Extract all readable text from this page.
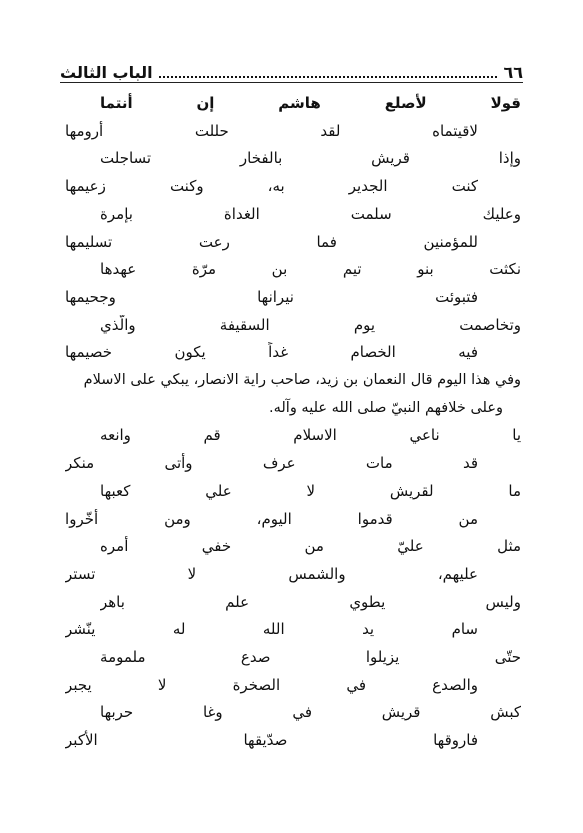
٦٦
الباب الثالث
قولا
لأصلع
هاشم
إن
أنتما
لاقيتماه
لقد
حللت
أرومها
وإذا
قريش
بالفخار
تساجلت
كنت
الجدير
به،
وكنت
زعيمها
وعليك
سلمت
الغداة
بإمرة
للمؤمنين
فما
رعت
تسليمها
نكثت
بنو
تيم
بن
مرّة
عهدها
فتبوئت
نيرانها
وجحيمها
وتخاصمت
يوم
السقيفة
والّذي
فيه
الخصام
غداً
يكون
خصيمها
وفي هذا اليوم قال النعمان بن زيد، صاحب راية الانصار، يبكي على الاسلام
وعلى خلافهم النبيّ صلى الله عليه وآله.
يا
ناعي
الاسلام
قم
وانعه
قد
مات
عرف
وأتى
منكر
ما
لقريش
لا
علي
كعبها
من
قدموا
اليوم،
ومن
أخّروا
مثل
عليّ
من
خفي
أمره
عليهم،
والشمس
لا
تستر
وليس
يطوي
علم
باهر
سام
يد
الله
له
ينّشر
حتّى
يزيلوا
صدع
ملمومة
والصدع
في
الصخرة
لا
يجبر
كبش
قريش
في
وغا
حربها
فاروقها
صدّيقها
الأكبر
